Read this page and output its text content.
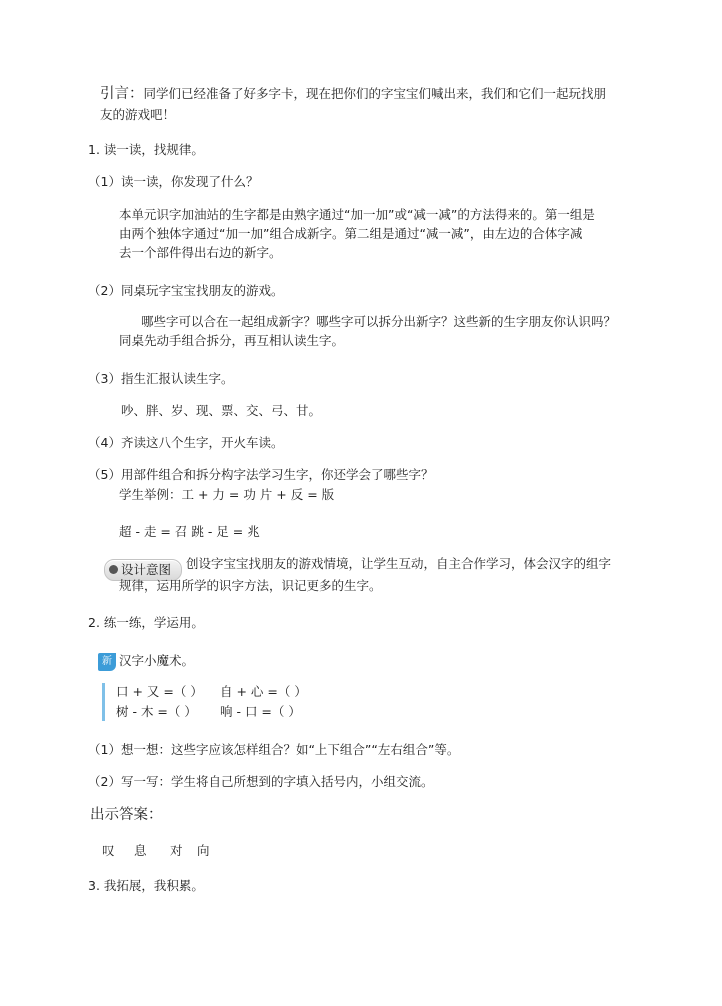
引言：同学们已经准备了好多字卡，现在把你们的字宝宝们喊出来，我们和它们一起玩找朋
友的游戏吧！
1. 读一读，找规律。
（1）读一读，你发现了什么？
本单元识字加油站的生字都是由熟字通过“加一加”或“减一减”的方法得来的。第一组是
由两个独体字通过“加一加”组合成新字。第二组是通过“减一减”，由左边的合体字减
去一个部件得出右边的新字。
（2）同桌玩字宝宝找朋友的游戏。
哪些字可以合在一起组成新字？哪些字可以拆分出新字？这些新的生字朋友你认识吗？
同桌先动手组合拆分，再互相认读生字。
（3）指生汇报认读生字。
吵、胖、岁、现、票、交、弓、甘。
（4）齐读这八个生字，开火车读。
（5）用部件组合和拆分构字法学习生字，你还学会了哪些字？
学生举例：工 + 力 = 功 片 + 反 = 版
超 - 走 = 召 跳 - 足 = 兆
设计意图	创设字宝宝找朋友的游戏情境，让学生互动，自主合作学习，体会汉字的组字
规律，运用所学的识字方法，识记更多的生字。
2. 练一练，学运用。
新 汉字小魔术。
口 + 又 =（ ） 自 + 心 =（ ）
树 - 木 =（ ） 响 - 口 =（ ）
（1）想一想：这些字应该怎样组合？如“上下组合”“左右组合”等。
（2）写一写：学生将自己所想到的字填入括号内，小组交流。
出示答案：
叹 息 对 向
3. 我拓展，我积累。
